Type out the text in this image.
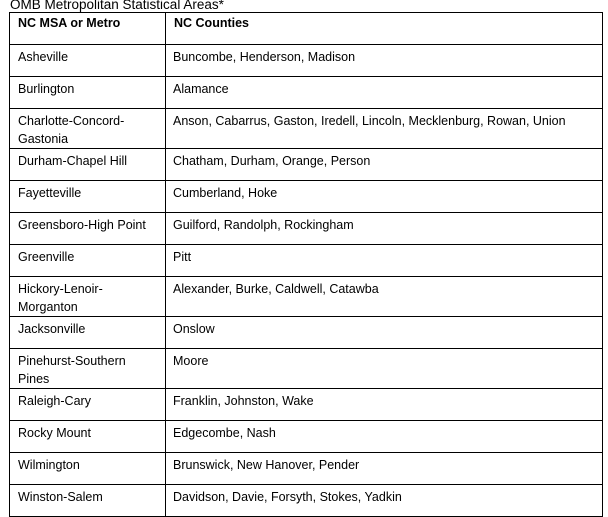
OMB Metropolitan Statistical Areas*
NC MSA or Metro	NC Counties
Asheville	Buncombe, Henderson, Madison
Burlington	Alamance
Charlotte-Concord-Gastonia	Anson, Cabarrus, Gaston, Iredell, Lincoln, Mecklenburg, Rowan, Union
Durham-Chapel Hill	Chatham, Durham, Orange, Person
Fayetteville	Cumberland, Hoke
Greensboro-High Point	Guilford, Randolph, Rockingham
Greenville	Pitt
Hickory-Lenoir-Morganton	Alexander, Burke, Caldwell, Catawba
Jacksonville	Onslow
Pinehurst-Southern Pines	Moore
Raleigh-Cary	Franklin, Johnston, Wake
Rocky Mount	Edgecombe, Nash
Wilmington	Brunswick, New Hanover, Pender
Winston-Salem	Davidson, Davie, Forsyth, Stokes, Yadkin
